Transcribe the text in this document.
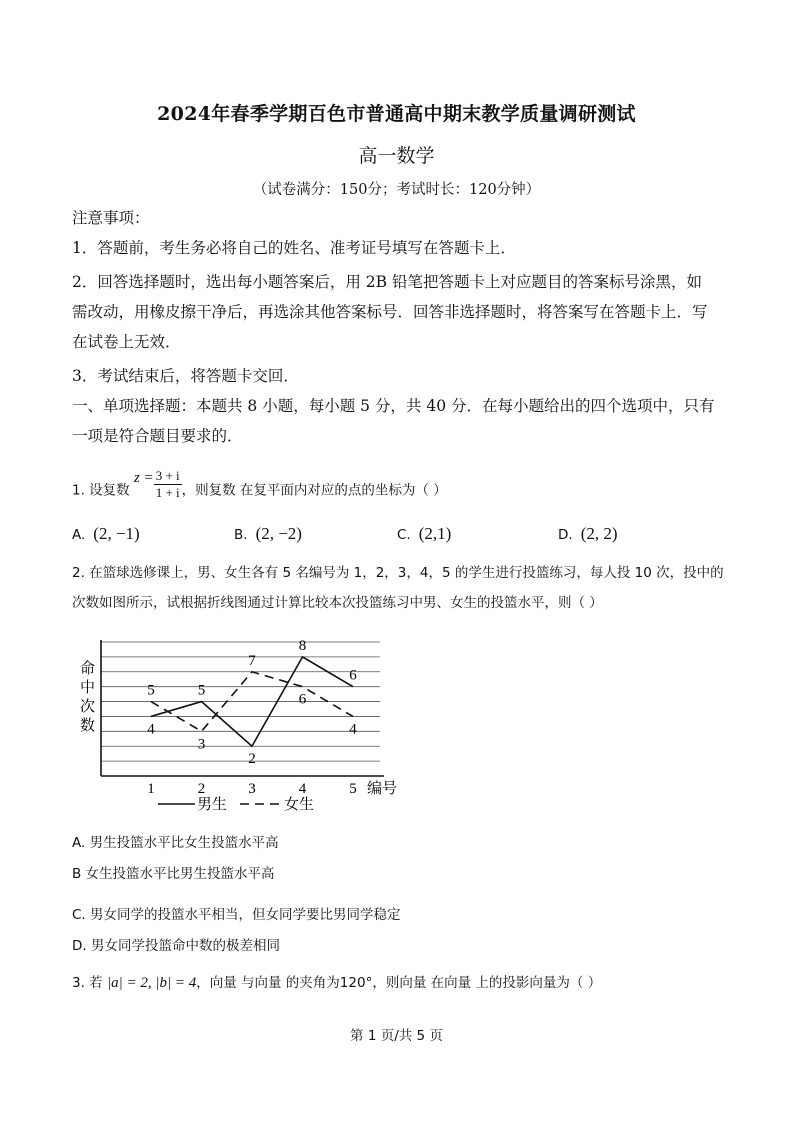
2024年春季学期百色市普通高中期末教学质量调研测试
高一数学
（试卷满分：150分；考试时长：120分钟）
注意事项：
1．答题前，考生务必将自己的姓名、准考证号填写在答题卡上．
2．回答选择题时，选出每小题答案后，用 2B 铅笔把答题卡上对应题目的答案标号涂黑，如
需改动，用橡皮擦干净后，再选涂其他答案标号．回答非选择题时，将答案写在答题卡上．写
在试卷上无效．
3．考试结束后，将答题卡交回．
一、单项选择题：本题共 8 小题，每小题 5 分，共 40 分．在每小题给出的四个选项中，只有
一项是符合题目要求的．
1. 设复数 $z = \frac{3 + i}{1 + i}$ ，则复数 在复平面内对应的点的坐标为（ ）
A. (2, −1)	B. (2, −2)	C. (2,1)	D. (2, 2)
2. 在篮球选修课上，男、女生各有 5 名编号为 1，2，3，4，5 的学生进行投篮练习，每人投 10 次，投中的
次数如图所示，试根据折线图通过计算比较本次投篮练习中男、女生的投篮水平，则（ ）
命
中
次
数	4
5
2
8
6
5
3
7
6
4
1	2	3	4	5 编号
男生	女生
A. 男生投篮水平比女生投篮水平高
B 女生投篮水平比男生投篮水平高
C. 男女同学的投篮水平相当，但女同学要比男同学稳定
D. 男女同学投篮命中数的极差相同
3. 若 |a| = 2, |b| = 4，向量 与向量 的夹角为120°，则向量 在向量 上的投影向量为（ ）
第 1 页/共 5 页
